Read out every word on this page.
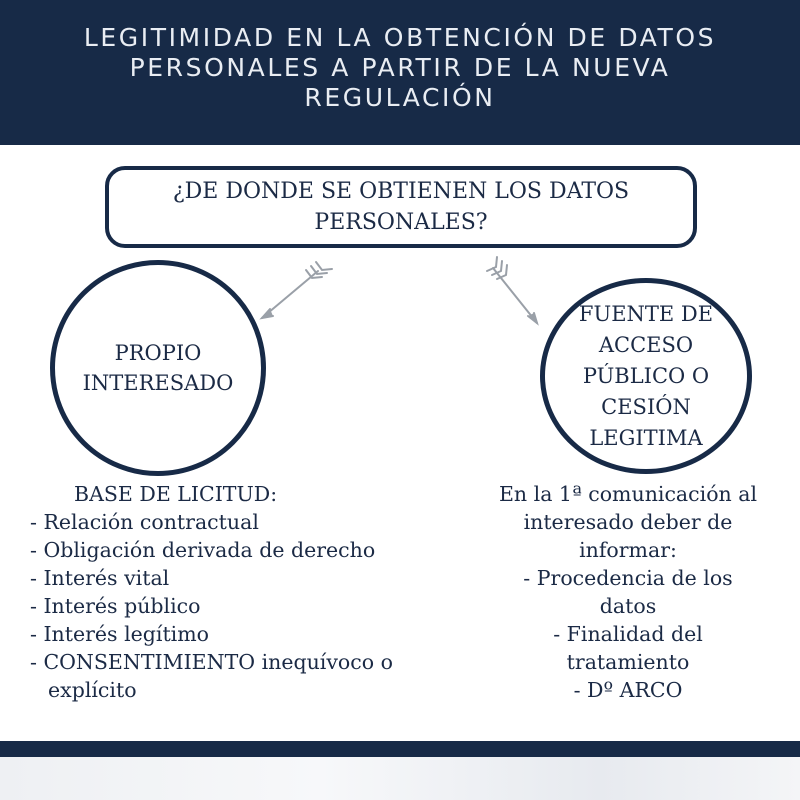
LEGITIMIDAD EN LA OBTENCIÓN DE DATOS PERSONALES A PARTIR DE LA NUEVA REGULACIÓN
¿DE DONDE SE OBTIENEN LOS DATOS PERSONALES?
PROPIO INTERESADO
FUENTE DE ACCESO PÚBLICO O CESIÓN LEGITIMA
BASE DE LICITUD:
- Relación contractual
- Obligación derivada de derecho
- Interés vital
- Interés público
- Interés legítimo
- CONSENTIMIENTO inequívoco o
explícito
En la 1ª comunicación al
interesado deber de
informar:
- Procedencia de los
datos
- Finalidad del
tratamiento
- Dº ARCO
